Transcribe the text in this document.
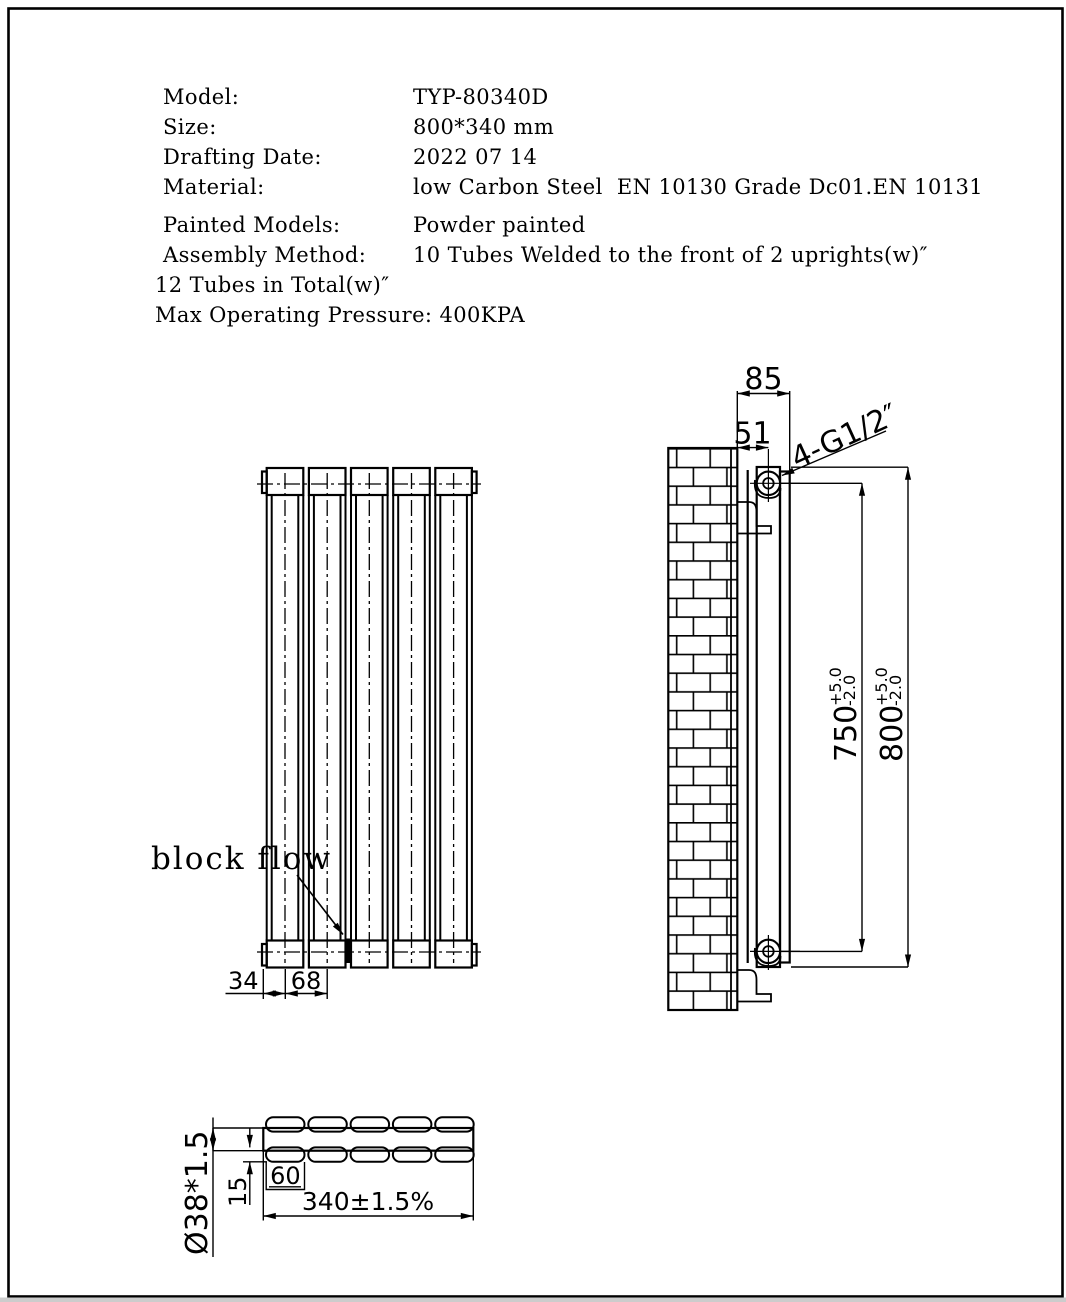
Model:	TYP-80340D
Size:	800*340 mm
Drafting Date:	2022 07 14
Material:	low Carbon Steel  EN 10130 Grade Dc01.EN 10131
Painted Models:	Powder painted
Assembly Method:	10 Tubes Welded to the front of 2 uprights(w)″
12 Tubes in Total(w)″
Max Operating Pressure: 400KPA
block flow
34 68
85
51 4-G1/2″
750
+5.0
-2.0
800
+5.0
-2.0
Ø38*1.5 15
60
340±1.5%
